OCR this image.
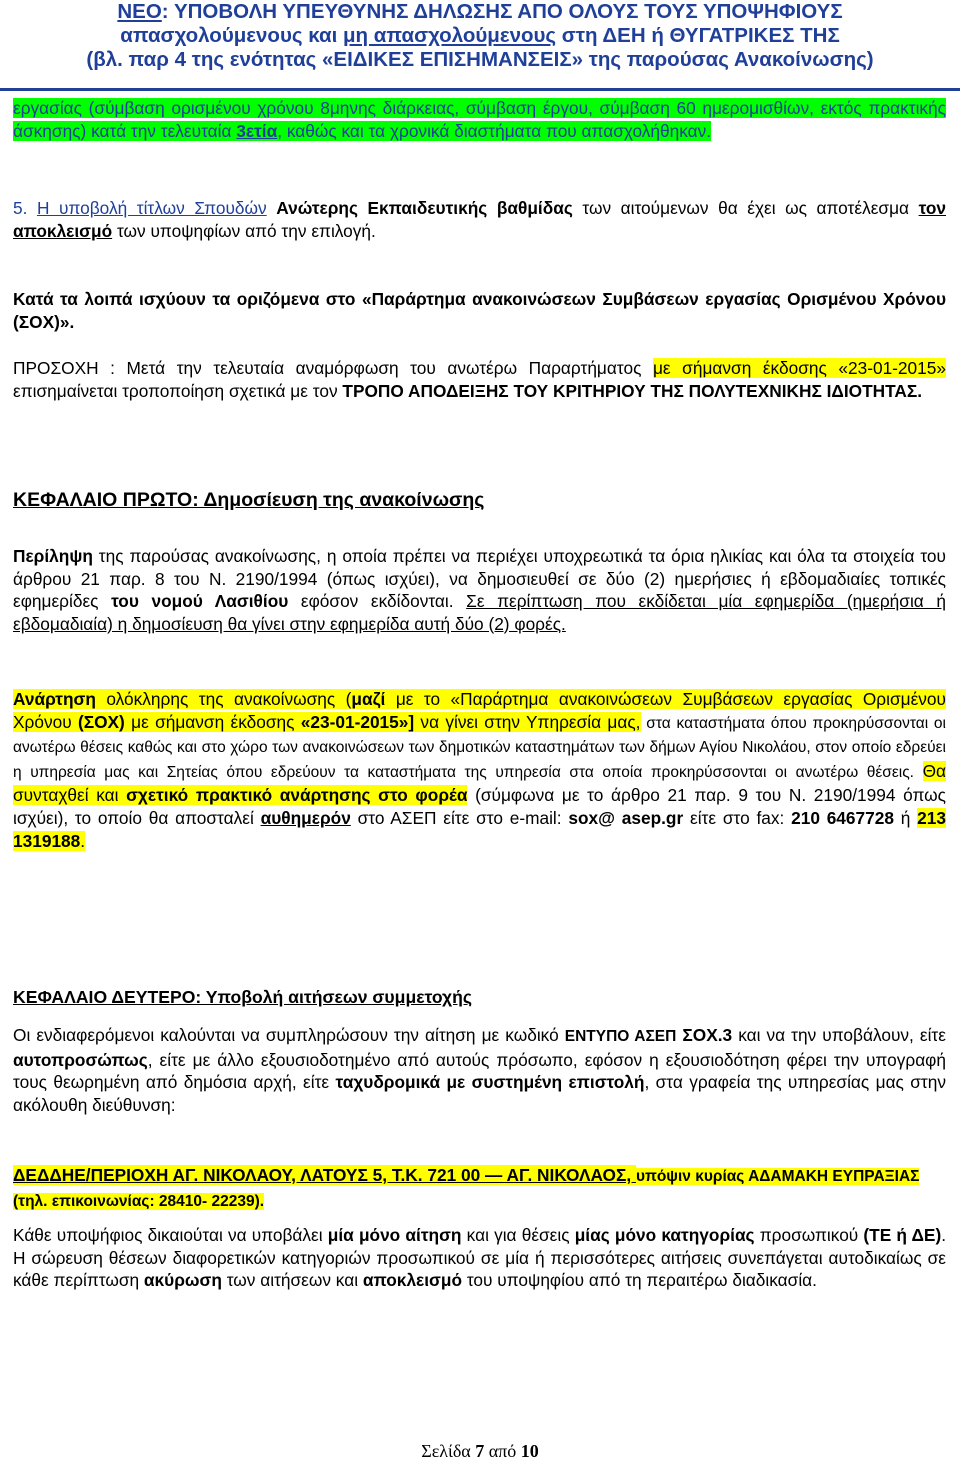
ΝΕΟ: ΥΠΟΒΟΛΗ ΥΠΕΥΘΥΝΗΣ ΔΗΛΩΣΗΣ ΑΠΟ ΟΛΟΥΣ ΤΟΥΣ ΥΠΟΨΗΦΙΟΥΣ
απασχολούμενους και μη απασχολούμενους στη ΔΕΗ ή ΘΥΓΑΤΡΙΚΕΣ ΤΗΣ
(βλ. παρ 4 της ενότητας «ΕΙΔΙΚΕΣ ΕΠΙΣΗΜΑΝΣΕΙΣ» της παρούσας Ανακοίνωσης)
εργασίας (σύμβαση ορισμένου χρόνου 8μηνης διάρκειας, σύμβαση έργου, σύμβαση 60 ημερομισθίων, εκτός πρακτικής άσκησης) κατά την τελευταία 3ετία, καθώς και τα χρονικά διαστήματα που απασχολήθηκαν.
5. Η υποβολή τίτλων Σπουδών Ανώτερης Εκπαιδευτικής βαθμίδας των αιτούμενων θα έχει ως αποτέλεσμα τον αποκλεισμό των υποψηφίων από την επιλογή.
Κατά τα λοιπά ισχύουν τα οριζόμενα στο «Παράρτημα ανακοινώσεων Συμβάσεων εργασίας Ορισμένου Χρόνου (ΣΟΧ)».
ΠΡΟΣΟΧΗ : Μετά την τελευταία αναμόρφωση του ανωτέρω Παραρτήματος με σήμανση έκδοσης «23-01-2015» επισημαίνεται τροποποίηση σχετικά με τον ΤΡΟΠΟ ΑΠΟΔΕΙΞΗΣ ΤΟΥ ΚΡΙΤΗΡΙΟΥ ΤΗΣ ΠΟΛΥΤΕΧΝΙΚΗΣ ΙΔΙΟΤΗΤΑΣ.
ΚΕΦΑΛΑΙΟ ΠΡΩΤΟ: Δημοσίευση της ανακοίνωσης
Περίληψη της παρούσας ανακοίνωσης, η οποία πρέπει να περιέχει υποχρεωτικά τα όρια ηλικίας και όλα τα στοιχεία του άρθρου 21 παρ. 8 του Ν. 2190/1994 (όπως ισχύει), να δημοσιευθεί σε δύο (2) ημερήσιες ή εβδομαδιαίες τοπικές εφημερίδες του νομού Λασιθίου εφόσον εκδίδονται. Σε περίπτωση που εκδίδεται μία εφημερίδα (ημερήσια ή εβδομαδιαία) η δημοσίευση θα γίνει στην εφημερίδα αυτή δύο (2) φορές.
Ανάρτηση ολόκληρης της ανακοίνωσης (μαζί με το «Παράρτημα ανακοινώσεων Συμβάσεων εργασίας Ορισμένου Χρόνου (ΣΟΧ) με σήμανση έκδοσης «23-01-2015»] να γίνει στην Υπηρεσία μας, στα καταστήματα όπου προκηρύσσονται οι ανωτέρω θέσεις καθώς και στο χώρο των ανακοινώσεων των δημοτικών καταστημάτων των δήμων Αγίου Νικολάου, στον οποίο εδρεύει η υπηρεσία μας και Σητείας όπου εδρεύουν τα καταστήματα της υπηρεσία στα οποία προκηρύσσονται οι ανωτέρω θέσεις. Θα συνταχθεί και σχετικό πρακτικό ανάρτησης στο φορέα (σύμφωνα με το άρθρο 21 παρ. 9 του Ν. 2190/1994 όπως ισχύει), το οποίο θα αποσταλεί αυθημερόν στο ΑΣΕΠ είτε στο e-mail: sox@ asep.gr είτε στο fax: 210 6467728 ή 213 1319188.
ΚΕΦΑΛΑΙΟ ΔΕΥΤΕΡΟ: Υποβολή αιτήσεων συμμετοχής
Οι ενδιαφερόμενοι καλούνται να συμπληρώσουν την αίτηση με κωδικό ΕΝΤΥΠΟ ΑΣΕΠ ΣΟΧ.3 και να την υποβάλουν, είτε αυτοπροσώπως, είτε με άλλο εξουσιοδοτημένο από αυτούς πρόσωπο, εφόσον η εξουσιοδότηση φέρει την υπογραφή τους θεωρημένη από δημόσια αρχή, είτε ταχυδρομικά με συστημένη επιστολή, στα γραφεία της υπηρεσίας μας στην ακόλουθη διεύθυνση:
ΔΕΔΔΗΕ/ΠΕΡΙΟΧΗ ΑΓ. ΝΙΚΟΛΑΟΥ, ΛΑΤΟΥΣ 5, Τ.Κ. 721 00 — ΑΓ. ΝΙΚΟΛΑΟΣ, υπόψιν κυρίας ΑΔΑΜΑΚΗ ΕΥΠΡΑΞΙΑΣ (τηλ. επικοινωνίας: 28410- 22239).
Κάθε υποψήφιος δικαιούται να υποβάλει μία μόνο αίτηση και για θέσεις μίας μόνο κατηγορίας προσωπικού (ΤΕ ή ΔΕ). Η σώρευση θέσεων διαφορετικών κατηγοριών προσωπικού σε μία ή περισσότερες αιτήσεις συνεπάγεται αυτοδικαίως σε κάθε περίπτωση ακύρωση των αιτήσεων και αποκλεισμό του υποψηφίου από τη περαιτέρω διαδικασία.
Σελίδα 7 από 10
